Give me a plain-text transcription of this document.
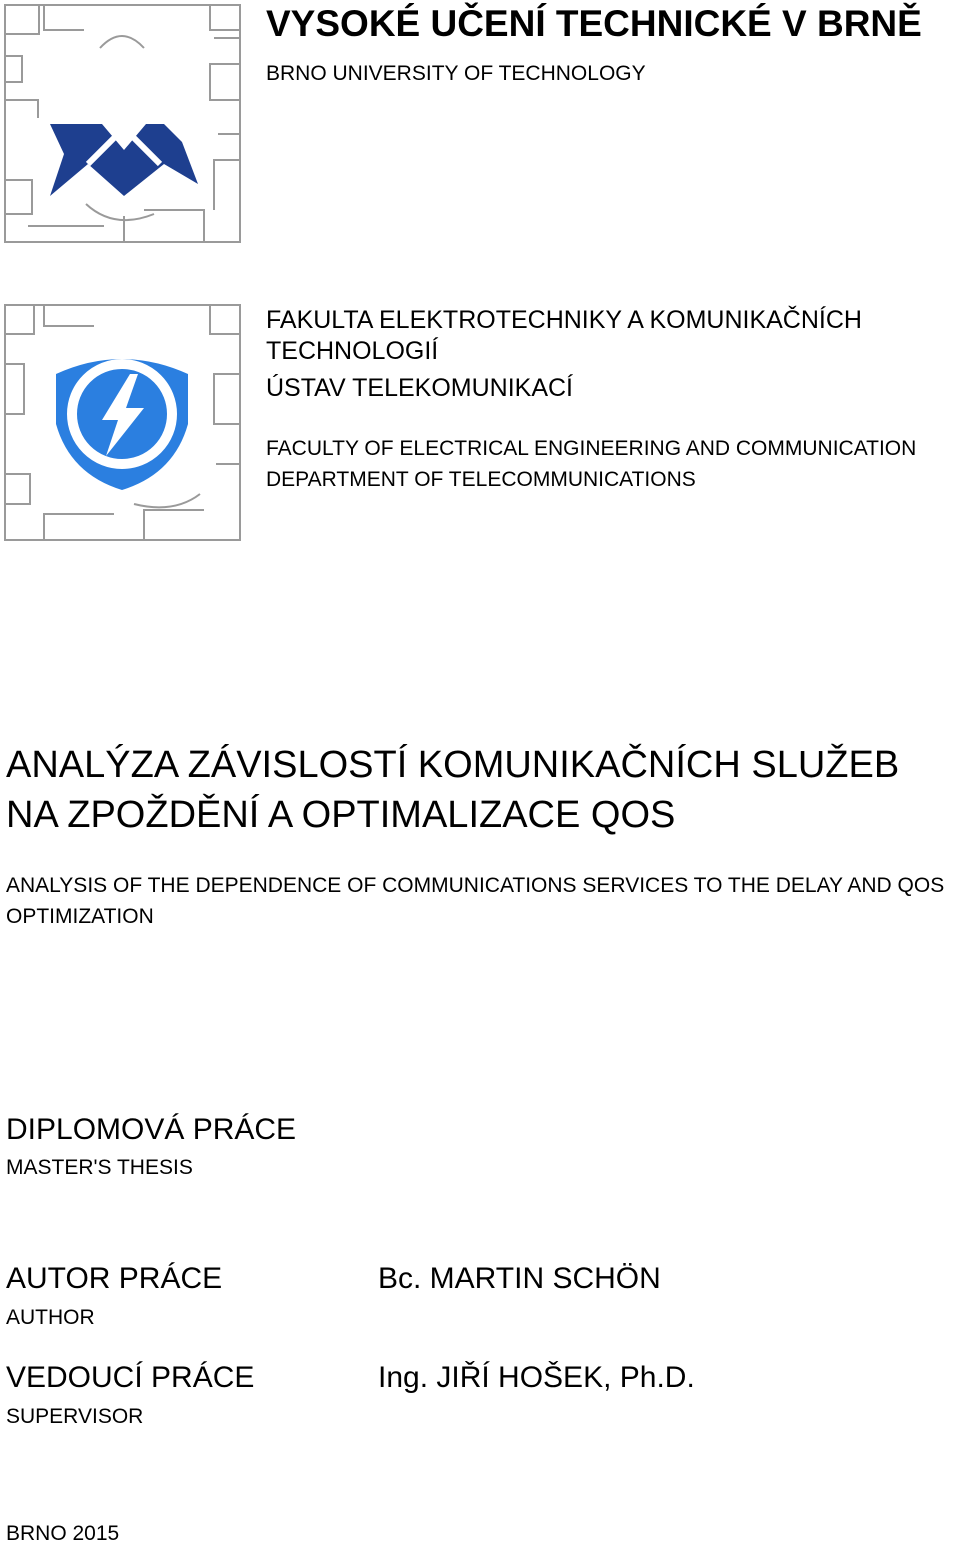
VYSOKÉ UČENÍ TECHNICKÉ V BRNĚ

BRNO UNIVERSITY OF TECHNOLOGY

FAKULTA ELEKTROTECHNIKY A KOMUNIKAČNÍCH TECHNOLOGIÍ

ÚSTAV TELEKOMUNIKACÍ

FACULTY OF ELECTRICAL ENGINEERING AND COMMUNICATION
DEPARTMENT OF TELECOMMUNICATIONS
ANALÝZA ZÁVISLOSTÍ KOMUNIKAČNÍCH SLUŽEB NA ZPOŽDĚNÍ A OPTIMALIZACE QOS

ANALYSIS OF THE DEPENDENCE OF COMMUNICATIONS SERVICES TO THE DELAY AND QOS OPTIMIZATION

DIPLOMOVÁ PRÁCE

MASTER'S THESIS

AUTOR PRÁCE

AUTHOR

Bc. MARTIN SCHÖN

VEDOUCÍ PRÁCE

SUPERVISOR

Ing. JIŘÍ HOŠEK, Ph.D.

BRNO 2015
